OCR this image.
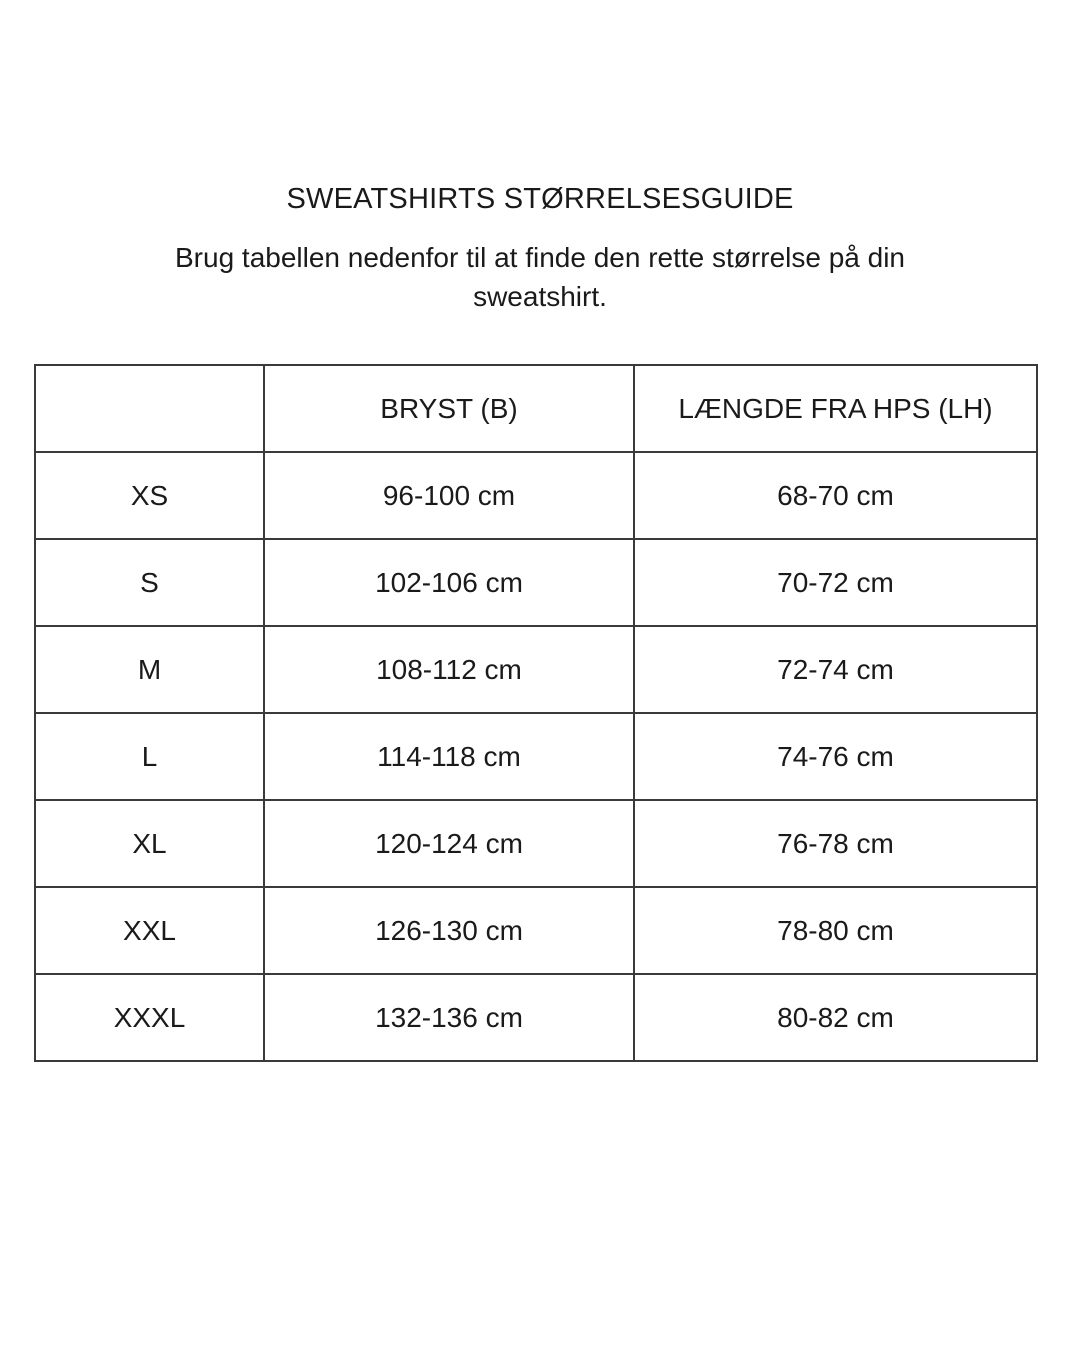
SWEATSHIRTS STØRRELSESGUIDE
Brug tabellen nedenfor til at finde den rette størrelse på din sweatshirt.
	BRYST (B)	LÆNGDE FRA HPS (LH)
XS	96-100 cm	68-70 cm
S	102-106 cm	70-72 cm
M	108-112 cm	72-74 cm
L	114-118 cm	74-76 cm
XL	120-124 cm	76-78 cm
XXL	126-130 cm	78-80 cm
XXXL	132-136 cm	80-82 cm
